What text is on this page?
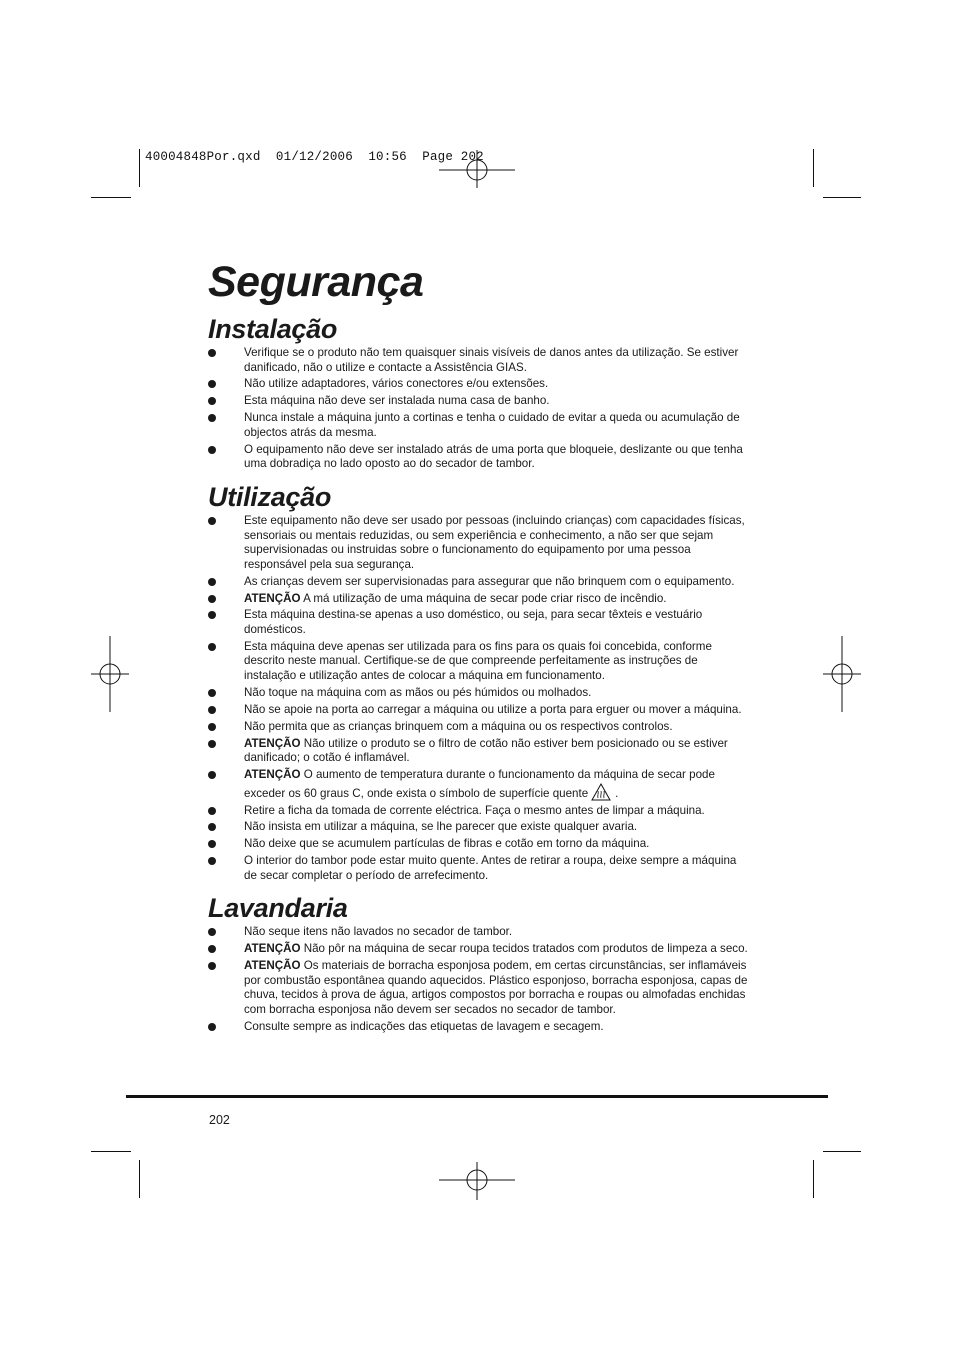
40004848Por.qxd  01/12/2006  10:56  Page 202
Segurança
Instalação
Verifique se o produto não tem quaisquer sinais visíveis de danos antes da utilização. Se estiver danificado, não o utilize e contacte a Assistência GIAS.
Não utilize adaptadores, vários conectores e/ou extensões.
Esta máquina não deve ser instalada numa casa de banho.
Nunca instale a máquina junto a cortinas e tenha o cuidado de evitar a queda ou acumulação de objectos atrás da mesma.
O equipamento não deve ser instalado atrás de uma porta que bloqueie, deslizante ou que tenha uma dobradiça no lado oposto ao do secador de tambor.
Utilização
Este equipamento não deve ser usado por pessoas (incluindo crianças) com capacidades físicas, sensoriais ou mentais reduzidas, ou sem experiência e conhecimento, a não ser que sejam supervisionadas ou instruidas sobre o funcionamento do equipamento por uma pessoa responsável pela sua segurança.
As crianças devem ser supervisionadas para assegurar que não brinquem com o equipamento.
ATENÇÃO A má utilização de uma máquina de secar pode criar risco de incêndio.
Esta máquina destina-se apenas a uso doméstico, ou seja, para secar têxteis e vestuário domésticos.
Esta máquina deve apenas ser utilizada para os fins para os quais foi concebida, conforme descrito neste manual. Certifique-se de que compreende perfeitamente as instruções de instalação e utilização antes de colocar a máquina em funcionamento.
Não toque na máquina com as mãos ou pés húmidos ou molhados.
Não se apoie na porta ao carregar a máquina ou utilize a porta para erguer ou mover a máquina.
Não permita que as crianças brinquem com a máquina ou os respectivos controlos.
ATENÇÃO Não utilize o produto se o filtro de cotão não estiver bem posicionado ou se estiver danificado; o cotão é inflamável.
ATENÇÃO O aumento de temperatura durante o funcionamento da máquina de secar pode exceder os 60 graus C, onde exista o símbolo de superfície quente .
Retire a ficha da tomada de corrente eléctrica. Faça o mesmo antes de limpar a máquina.
Não insista em utilizar a máquina, se lhe parecer que existe qualquer avaria.
Não deixe que se acumulem partículas de fibras e cotão em torno da máquina.
O interior do tambor pode estar muito quente. Antes de retirar a roupa, deixe sempre a máquina de secar completar o período de arrefecimento.
Lavandaria
Não seque itens não lavados no secador de tambor.
ATENÇÃO Não pôr na máquina de secar roupa tecidos tratados com produtos de limpeza a seco.
ATENÇÃO Os materiais de borracha esponjosa podem, em certas circunstâncias, ser inflamáveis por combustão espontânea quando aquecidos. Plástico esponjoso, borracha esponjosa, capas de chuva, tecidos à prova de água, artigos compostos por borracha e roupas ou almofadas enchidas com borracha esponjosa não devem ser secados no secador de tambor.
Consulte sempre as indicações das etiquetas de lavagem e secagem.
202
